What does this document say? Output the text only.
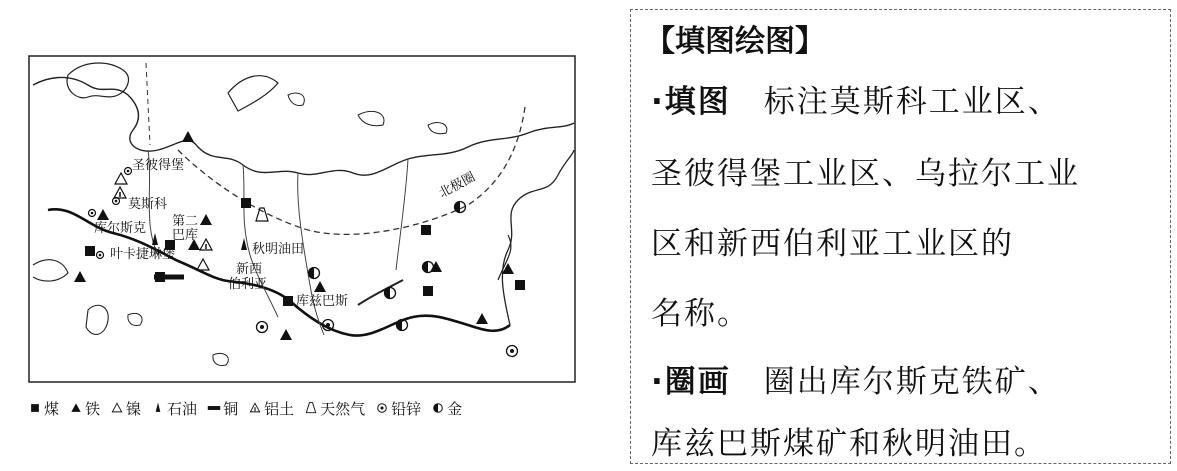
北极圈
圣彼得堡
莫斯科
库尔斯克 第二
巴库
叶卡捷琳堡	秋明油田
新西
伯利亚
库兹巴斯
煤 铁 镍 石油 铜 铝土 天然气 铅锌 金
【填图绘图】
·填图　标注莫斯科工业区、
圣彼得堡工业区、乌拉尔工业
区和新西伯利亚工业区的
名称。
·圈画　圈出库尔斯克铁矿、
库兹巴斯煤矿和秋明油田。
